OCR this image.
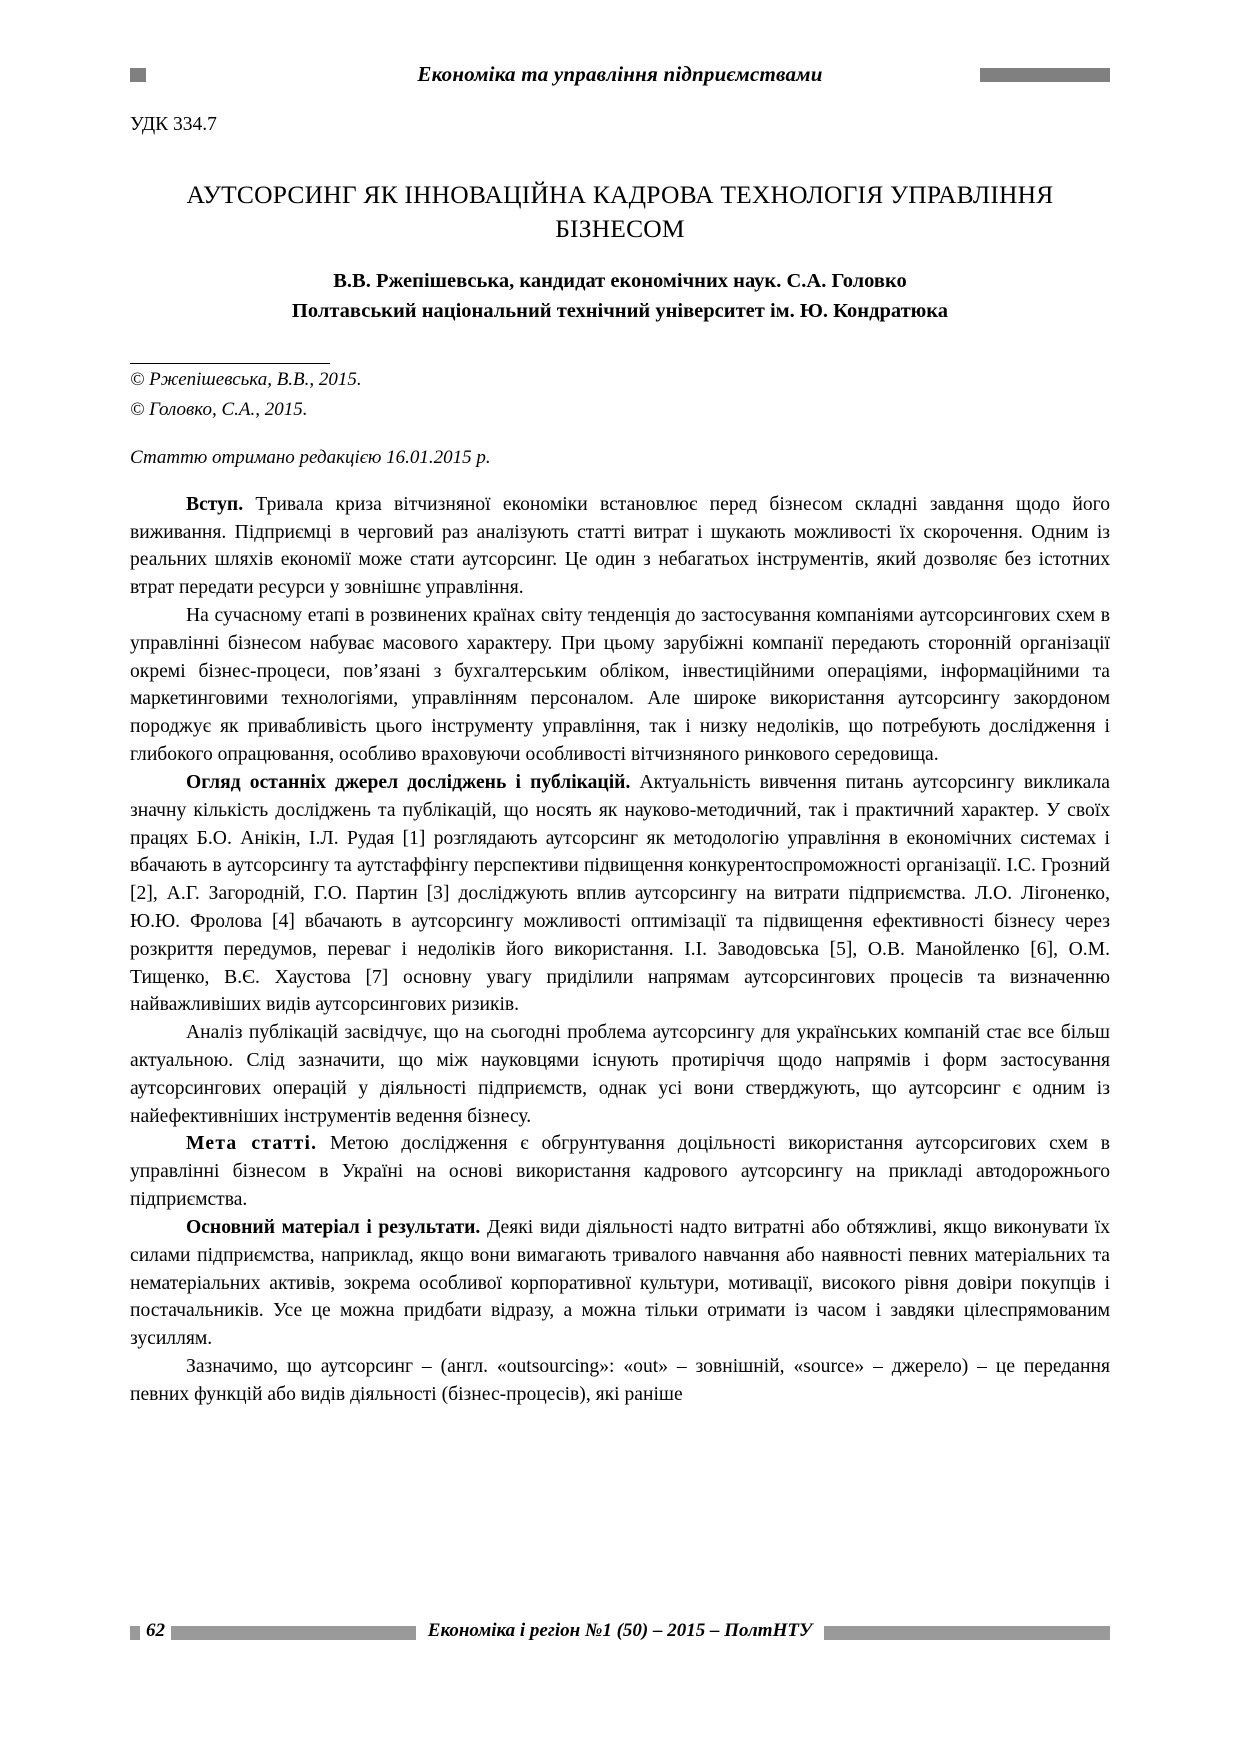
Економіка та управління підприємствами
УДК 334.7
АУТСОРСИНГ ЯК ІННОВАЦІЙНА КАДРОВА ТЕХНОЛОГІЯ УПРАВЛІННЯ БІЗНЕСОМ
В.В. Ржепішевська, кандидат економічних наук. С.А. Головко
Полтавський національний технічний університет ім. Ю. Кондратюка
© Ржепішевська, В.В., 2015.
© Головко, С.А., 2015.
Статтю отримано редакцією 16.01.2015 р.

Вступ. Тривала криза вітчизняної економіки встановлює перед бізнесом складні завдання щодо його виживання. Підприємці в черговий раз аналізують статті витрат і шукають можливості їх скорочення. Одним із реальних шляхів економії може стати аутсорсинг. Це один з небагатьох інструментів, який дозволяє без істотних втрат передати ресурси у зовнішнє управління.

На сучасному етапі в розвинених країнах світу тенденція до застосування компаніями аутсорсингових схем в управлінні бізнесом набуває масового характеру. При цьому зарубіжні компанії передають сторонній організації окремі бізнес-процеси, пов’язані з бухгалтерським обліком, інвестиційними операціями, інформаційними та маркетинговими технологіями, управлінням персоналом. Але широке використання аутсорсингу закордоном породжує як привабливість цього інструменту управління, так і низку недоліків, що потребують дослідження і глибокого опрацювання, особливо враховуючи особливості вітчизняного ринкового середовища.

Огляд останніх джерел досліджень і публікацій. Актуальність вивчення питань аутсорсингу викликала значну кількість досліджень та публікацій, що носять як науково-методичний, так і практичний характер. У своїх працях Б.О. Анікін, І.Л. Рудая [1] розглядають аутсорсинг як методологію управління в економічних системах і вбачають в аутсорсингу та аутстаффінгу перспективи підвищення конкурентоспроможності організації. І.С. Грозний [2], А.Г. Загородній, Г.О. Партин [3] досліджують вплив аутсорсингу на витрати підприємства. Л.О. Лігоненко, Ю.Ю. Фролова [4] вбачають в аутсорсингу можливості оптимізації та підвищення ефективності бізнесу через розкриття передумов, переваг і недоліків його використання. І.І. Заводовська [5], О.В. Манойленко [6], О.М. Тищенко, В.Є. Хаустова [7] основну увагу приділили напрямам аутсорсингових процесів та визначенню найважливіших видів аутсорсингових ризиків.

Аналіз публікацій засвідчує, що на сьогодні проблема аутсорсингу для українських компаній стає все більш актуальною. Слід зазначити, що між науковцями існують протиріччя щодо напрямів і форм застосування аутсорсингових операцій у діяльності підприємств, однак усі вони стверджують, що аутсорсинг є одним із найефективніших інструментів ведення бізнесу.

Мета статті. Метою дослідження є обгрунтування доцільності використання аутсорсигових схем в управлінні бізнесом в Україні на основі використання кадрового аутсорсингу на прикладі автодорожнього підприємства.

Основний матеріал і результати. Деякі види діяльності надто витратні або обтяжливі, якщо виконувати їх силами підприємства, наприклад, якщо вони вимагають тривалого навчання або наявності певних матеріальних та нематеріальних активів, зокрема особливої корпоративної культури, мотивації, високого рівня довіри покупців і постачальників. Усе це можна придбати відразу, а можна тільки отримати із часом і завдяки цілеспрямованим зусиллям.

Зазначимо, що аутсорсинг – (англ. «outsourcing»: «out» – зовнішній, «source» – джерело) – це передання певних функцій або видів діяльності (бізнес-процесів), які раніше

62	Економіка і регіон №1 (50) – 2015 – ПолтНТУ
